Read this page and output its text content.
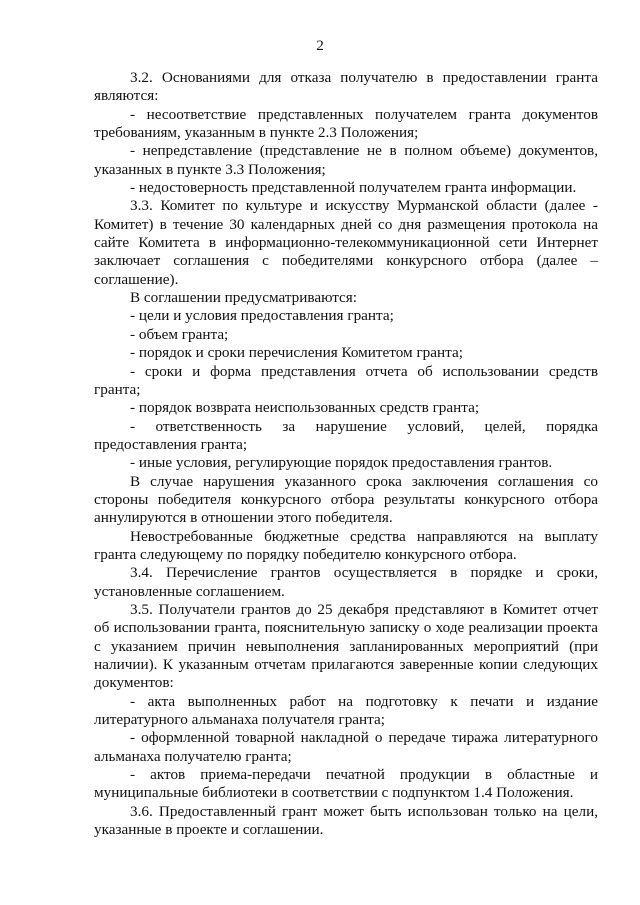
2
3.2. Основаниями для отказа получателю в предоставлении гранта
являются:
- несоответствие представленных получателем гранта документов
требованиям, указанным в пункте 2.3 Положения;
- непредставление (представление не в полном объеме) документов,
указанных в пункте 3.3 Положения;
- недостоверность представленной получателем гранта информации.
3.3. Комитет по культуре и искусству Мурманской области (далее -
Комитет) в течение 30 календарных дней со дня размещения протокола на
сайте Комитета в информационно-телекоммуникационной сети Интернет
заключает соглашения с победителями конкурсного отбора (далее –
соглашение).
В соглашении предусматриваются:
- цели и условия предоставления гранта;
- объем гранта;
- порядок и сроки перечисления Комитетом гранта;
- сроки и форма представления отчета об использовании средств
гранта;
- порядок возврата неиспользованных средств гранта;
- ответственность за нарушение условий, целей, порядка
предоставления гранта;
- иные условия, регулирующие порядок предоставления грантов.
В случае нарушения указанного срока заключения соглашения со
стороны победителя конкурсного отбора результаты конкурсного отбора
аннулируются в отношении этого победителя.
Невостребованные бюджетные средства направляются на выплату
гранта следующему по порядку победителю конкурсного отбора.
3.4. Перечисление грантов осуществляется в порядке и сроки,
установленные соглашением.
3.5. Получатели грантов до 25 декабря представляют в Комитет отчет
об использовании гранта, пояснительную записку о ходе реализации проекта
с указанием причин невыполнения запланированных мероприятий (при
наличии). К указанным отчетам прилагаются заверенные копии следующих
документов:
- акта выполненных работ на подготовку к печати и издание
литературного альманаха получателя гранта;
- оформленной товарной накладной о передаче тиража литературного
альманаха получателю гранта;
- актов приема-передачи печатной продукции в областные и
муниципальные библиотеки в соответствии с подпунктом 1.4 Положения.
3.6. Предоставленный грант может быть использован только на цели,
указанные в проекте и соглашении.
